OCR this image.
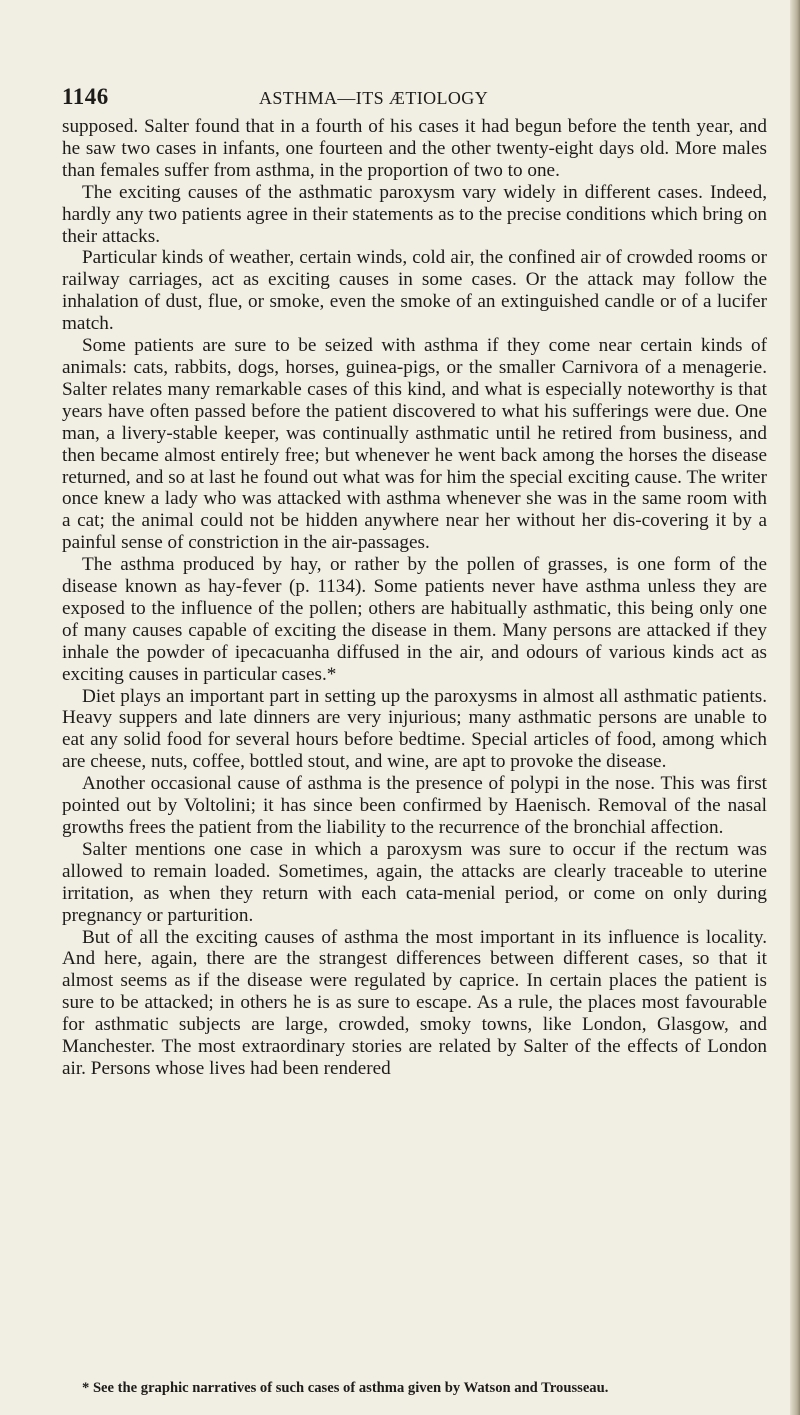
1146	ASTHMA—ITS ÆTIOLOGY

supposed. Salter found that in a fourth of his cases it had begun before the tenth year, and he saw two cases in infants, one fourteen and the other twenty-eight days old. More males than females suffer from asthma, in the proportion of two to one.

The exciting causes of the asthmatic paroxysm vary widely in different cases. Indeed, hardly any two patients agree in their statements as to the precise conditions which bring on their attacks.

Particular kinds of weather, certain winds, cold air, the confined air of crowded rooms or railway carriages, act as exciting causes in some cases. Or the attack may follow the inhalation of dust, flue, or smoke, even the smoke of an extinguished candle or of a lucifer match.

Some patients are sure to be seized with asthma if they come near certain kinds of animals: cats, rabbits, dogs, horses, guinea-pigs, or the smaller Carnivora of a menagerie. Salter relates many remarkable cases of this kind, and what is especially noteworthy is that years have often passed before the patient discovered to what his sufferings were due. One man, a livery-stable keeper, was continually asthmatic until he retired from business, and then became almost entirely free; but whenever he went back among the horses the disease returned, and so at last he found out what was for him the special exciting cause. The writer once knew a lady who was attacked with asthma whenever she was in the same room with a cat; the animal could not be hidden anywhere near her without her dis-covering it by a painful sense of constriction in the air-passages.

The asthma produced by hay, or rather by the pollen of grasses, is one form of the disease known as hay-fever (p. 1134). Some patients never have asthma unless they are exposed to the influence of the pollen; others are habitually asthmatic, this being only one of many causes capable of exciting the disease in them. Many persons are attacked if they inhale the powder of ipecacuanha diffused in the air, and odours of various kinds act as exciting causes in particular cases.*

Diet plays an important part in setting up the paroxysms in almost all asthmatic patients. Heavy suppers and late dinners are very injurious; many asthmatic persons are unable to eat any solid food for several hours before bedtime. Special articles of food, among which are cheese, nuts, coffee, bottled stout, and wine, are apt to provoke the disease.

Another occasional cause of asthma is the presence of polypi in the nose. This was first pointed out by Voltolini; it has since been confirmed by Haenisch. Removal of the nasal growths frees the patient from the liability to the recurrence of the bronchial affection.

Salter mentions one case in which a paroxysm was sure to occur if the rectum was allowed to remain loaded. Sometimes, again, the attacks are clearly traceable to uterine irritation, as when they return with each cata-menial period, or come on only during pregnancy or parturition.

But of all the exciting causes of asthma the most important in its influence is locality. And here, again, there are the strangest differences between different cases, so that it almost seems as if the disease were regulated by caprice. In certain places the patient is sure to be attacked; in others he is as sure to escape. As a rule, the places most favourable for asthmatic subjects are large, crowded, smoky towns, like London, Glasgow, and Manchester. The most extraordinary stories are related by Salter of the effects of London air. Persons whose lives had been rendered

* See the graphic narratives of such cases of asthma given by Watson and Trousseau.
